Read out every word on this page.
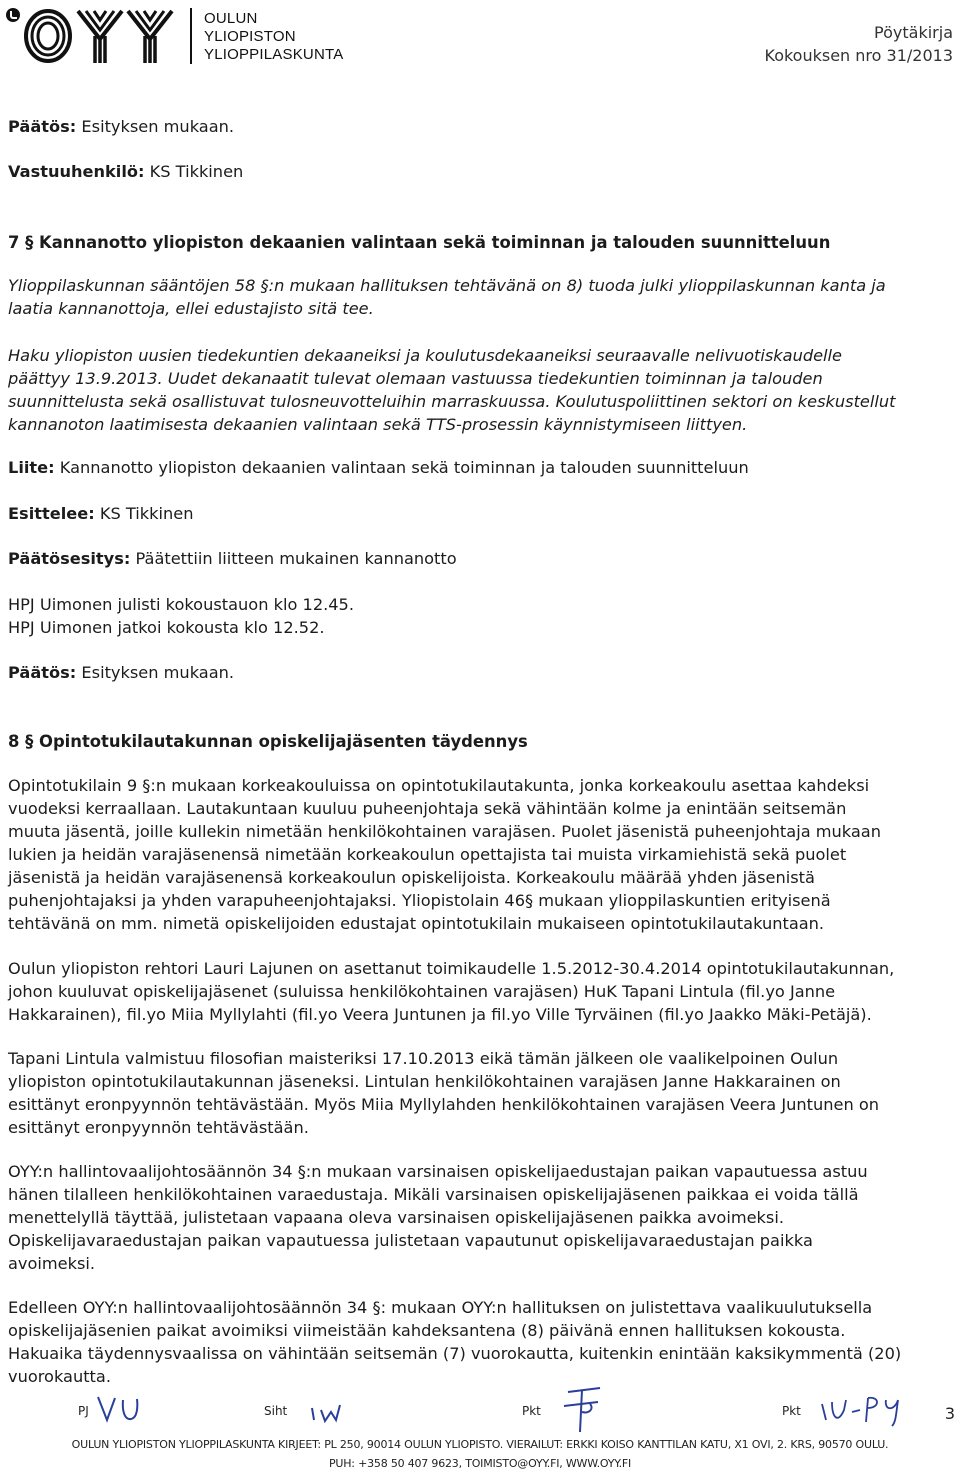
OULUN
YLIOPISTON
YLIOPPILASKUNTA
Pöytäkirja
Kokouksen nro 31/2013
Päätös: Esityksen mukaan.
Vastuuhenkilö: KS Tikkinen
7 § Kannanotto yliopiston dekaanien valintaan sekä toiminnan ja talouden suunnitteluun
Ylioppilaskunnan sääntöjen 58 §:n mukaan hallituksen tehtävänä on 8) tuoda julki ylioppilaskunnan kanta ja
laatia kannanottoja, ellei edustajisto sitä tee.
Haku yliopiston uusien tiedekuntien dekaaneiksi ja koulutusdekaaneiksi seuraavalle nelivuotiskaudelle
päättyy 13.9.2013. Uudet dekanaatit tulevat olemaan vastuussa tiedekuntien toiminnan ja talouden
suunnittelusta sekä osallistuvat tulosneuvotteluihin marraskuussa. Koulutuspoliittinen sektori on keskustellut
kannanoton laatimisesta dekaanien valintaan sekä TTS-prosessin käynnistymiseen liittyen.
Liite: Kannanotto yliopiston dekaanien valintaan sekä toiminnan ja talouden suunnitteluun
Esittelee: KS Tikkinen
Päätösesitys: Päätettiin liitteen mukainen kannanotto
HPJ Uimonen julisti kokoustauon klo 12.45.
HPJ Uimonen jatkoi kokousta klo 12.52.
Päätös: Esityksen mukaan.
8 § Opintotukilautakunnan opiskelijajäsenten täydennys
Opintotukilain 9 §:n mukaan korkeakouluissa on opintotukilautakunta, jonka korkeakoulu asettaa kahdeksi
vuodeksi kerraallaan. Lautakuntaan kuuluu puheenjohtaja sekä vähintään kolme ja enintään seitsemän
muuta jäsentä, joille kullekin nimetään henkilökohtainen varajäsen. Puolet jäsenistä puheenjohtaja mukaan
lukien ja heidän varajäsenensä nimetään korkeakoulun opettajista tai muista virkamiehistä sekä puolet
jäsenistä ja heidän varajäsenensä korkeakoulun opiskelijoista. Korkeakoulu määrää yhden jäsenistä
puhenjohtajaksi ja yhden varapuheenjohtajaksi. Yliopistolain 46§ mukaan ylioppilaskuntien erityisenä
tehtävänä on mm. nimetä opiskelijoiden edustajat opintotukilain mukaiseen opintotukilautakuntaan.
Oulun yliopiston rehtori Lauri Lajunen on asettanut toimikaudelle 1.5.2012-30.4.2014 opintotukilautakunnan,
johon kuuluvat opiskelijajäsenet (suluissa henkilökohtainen varajäsen) HuK Tapani Lintula (fil.yo Janne
Hakkarainen), fil.yo Miia Myllylahti (fil.yo Veera Juntunen ja fil.yo Ville Tyrväinen (fil.yo Jaakko Mäki-Petäjä).
Tapani Lintula valmistuu filosofian maisteriksi 17.10.2013 eikä tämän jälkeen ole vaalikelpoinen Oulun
yliopiston opintotukilautakunnan jäseneksi. Lintulan henkilökohtainen varajäsen Janne Hakkarainen on
esittänyt eronpyynnön tehtävästään. Myös Miia Myllylahden henkilökohtainen varajäsen Veera Juntunen on
esittänyt eronpyynnön tehtävästään.
OYY:n hallintovaalijohtosäännön 34 §:n mukaan varsinaisen opiskelijaedustajan paikan vapautuessa astuu
hänen tilalleen henkilökohtainen varaedustaja. Mikäli varsinaisen opiskelijajäsenen paikkaa ei voida tällä
menettelyllä täyttää, julistetaan vapaana oleva varsinaisen opiskelijajäsenen paikka avoimeksi.
Opiskelijavaraedustajan paikan vapautuessa julistetaan vapautunut opiskelijavaraedustajan paikka
avoimeksi.
Edelleen OYY:n hallintovaalijohtosäännön 34 §: mukaan OYY:n hallituksen on julistettava vaalikuulutuksella
opiskelijajäsenien paikat avoimiksi viimeistään kahdeksantena (8) päivänä ennen hallituksen kokousta.
Hakuaika täydennysvaalissa on vähintään seitsemän (7) vuorokautta, kuitenkin enintään kaksikymmentä (20)
vuorokautta.
PJ	Siht	Pkt	Pkt	3
OULUN YLIOPISTON YLIOPPILASKUNTA KIRJEET: PL 250, 90014 OULUN YLIOPISTO. VIERAILUT: ERKKI KOISO KANTTILAN KATU, X1 OVI, 2. KRS, 90570 OULU.
PUH: +358 50 407 9623, TOIMISTO@OYY.FI, WWW.OYY.FI
